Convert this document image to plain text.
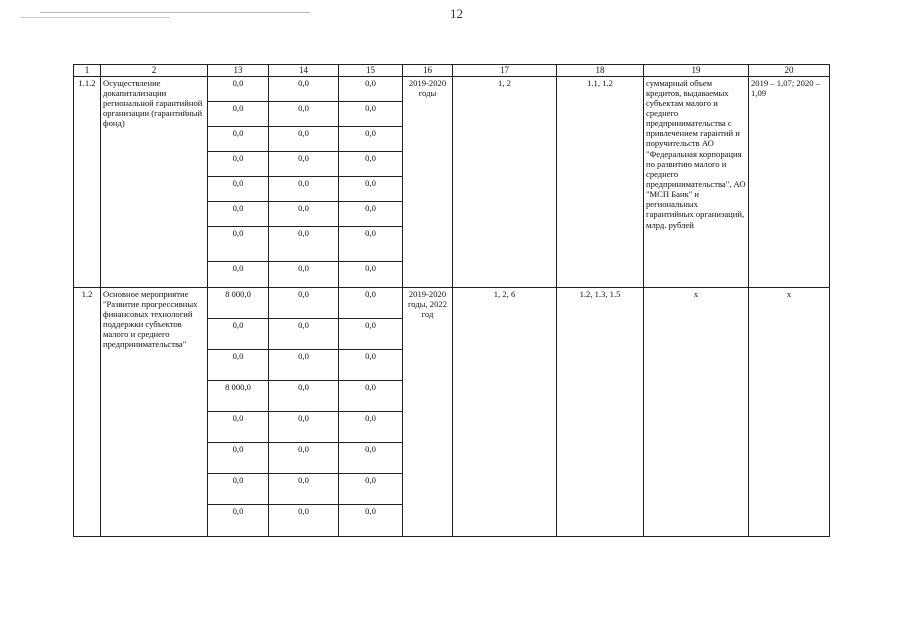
12
1	2	13	14	15	16	17	18	19	20
1.1.2	Осуществление докапитализации региональной гарантийной организации (гарантийный фонд)	0,0	0,0	0,0	2019-2020 годы	1, 2	1.1, 1.2	суммарный объем кредитов, выдаваемых субъектам малого и среднего предпринимательства с привлечением гарантий и поручительств АО "Федеральная корпорация по развитию малого и среднего предпринимательства", АО "МСП Банк" и региональных гарантийных организаций, млрд. рублей	2019 – 1,07; 2020 – 1,09
		0,0	0,0	0,0					
		0,0	0,0	0,0					
		0,0	0,0	0,0					
		0,0	0,0	0,0					
		0,0	0,0	0,0					
		0,0	0,0	0,0					
		0,0	0,0	0,0					
1.2	Основное мероприятие "Развитие прогрессивных финансовых технологий поддержки субъектов малого и среднего предпринимательства"	8 000,0	0,0	0,0	2019-2020 годы, 2022 год	1, 2, 6	1.2, 1.3, 1.5	x	x
		0,0	0,0	0,0					
		0,0	0,0	0,0					
		8 000,0	0,0	0,0					
		0,0	0,0	0,0					
		0,0	0,0	0,0					
		0,0	0,0	0,0					
		0,0	0,0	0,0					
